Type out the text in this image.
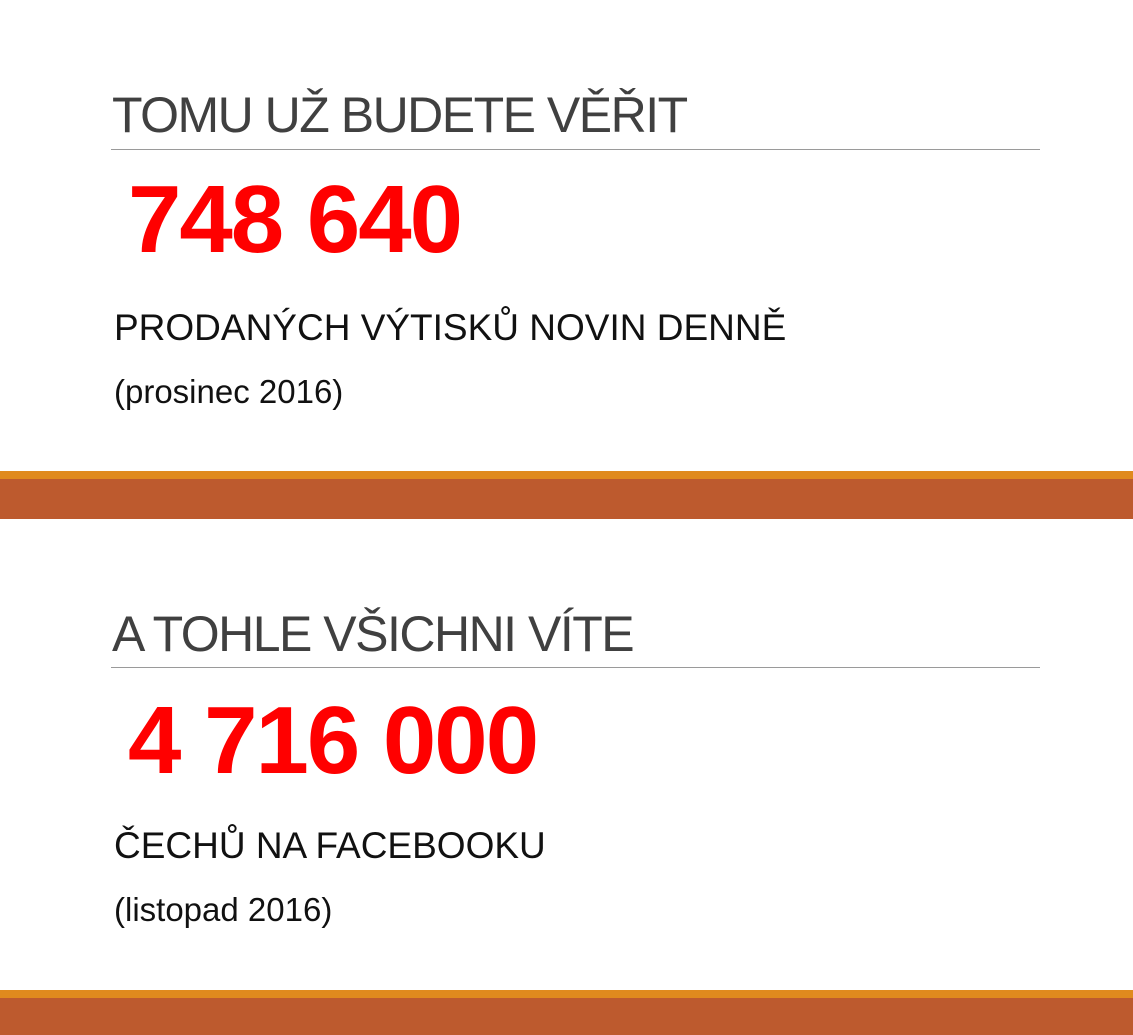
TOMU UŽ BUDETE VĚŘIT
748 640
PRODANÝCH VÝTISKŮ NOVIN DENNĚ
(prosinec 2016)
A TOHLE VŠICHNI VÍTE
4 716 000
ČECHŮ NA FACEBOOKU
(listopad 2016)
